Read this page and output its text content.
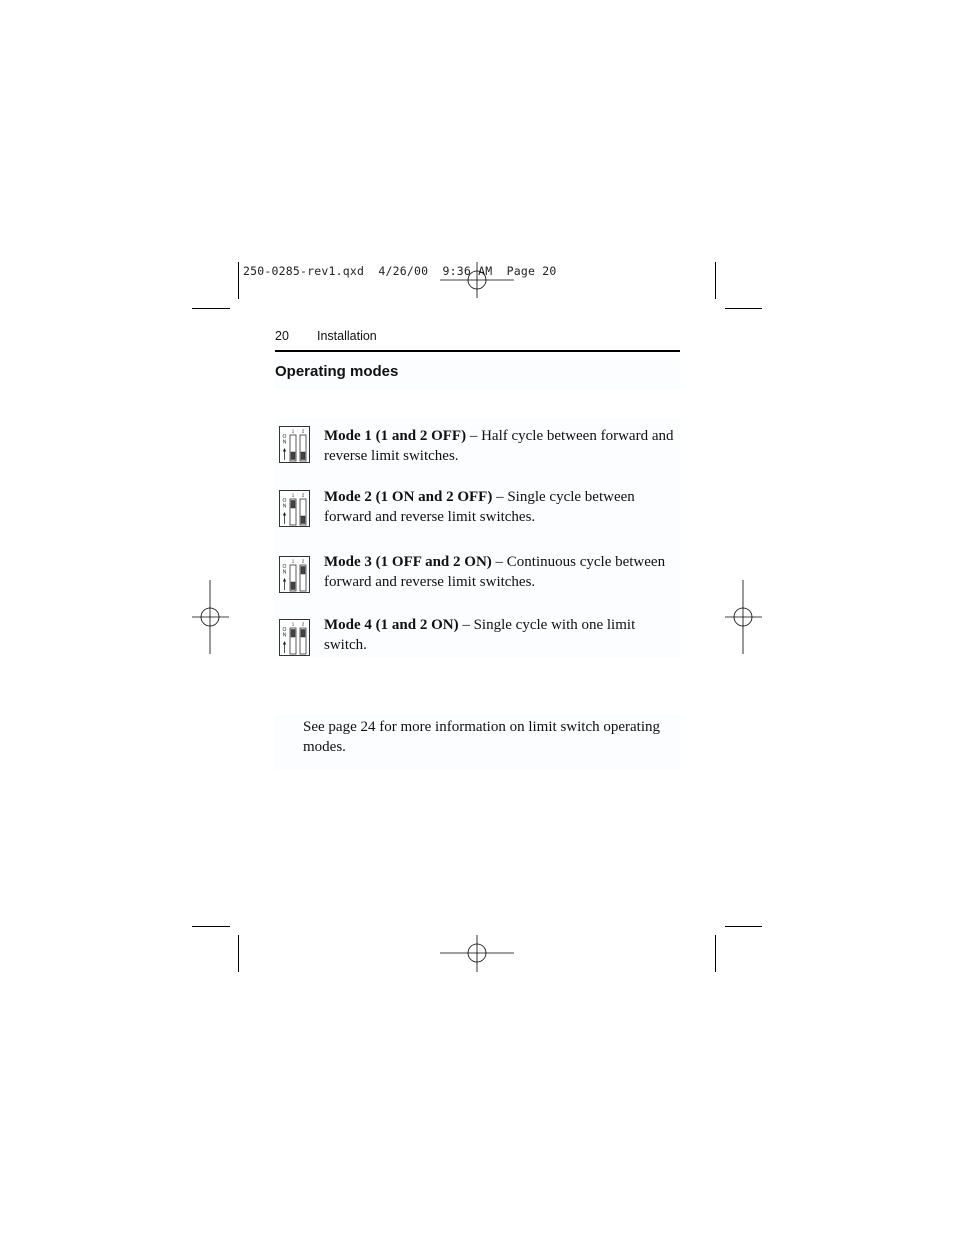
250-0285-rev1.qxd  4/26/00  9:36 AM  Page 20
20 Installation
Operating modes
O
N
1 2 Mode 1 (1 and 2 OFF) – Half cycle between forward and reverse limit switches.
O
N
1 2 Mode 2 (1 ON and 2 OFF) – Single cycle between forward and reverse limit switches.
O
N
1 2 Mode 3 (1 OFF and 2 ON) – Continuous cycle between forward and reverse limit switches.
O
N
1 2 Mode 4 (1 and 2 ON) – Single cycle with one limit switch.
See page 24 for more information on limit switch operating modes.
